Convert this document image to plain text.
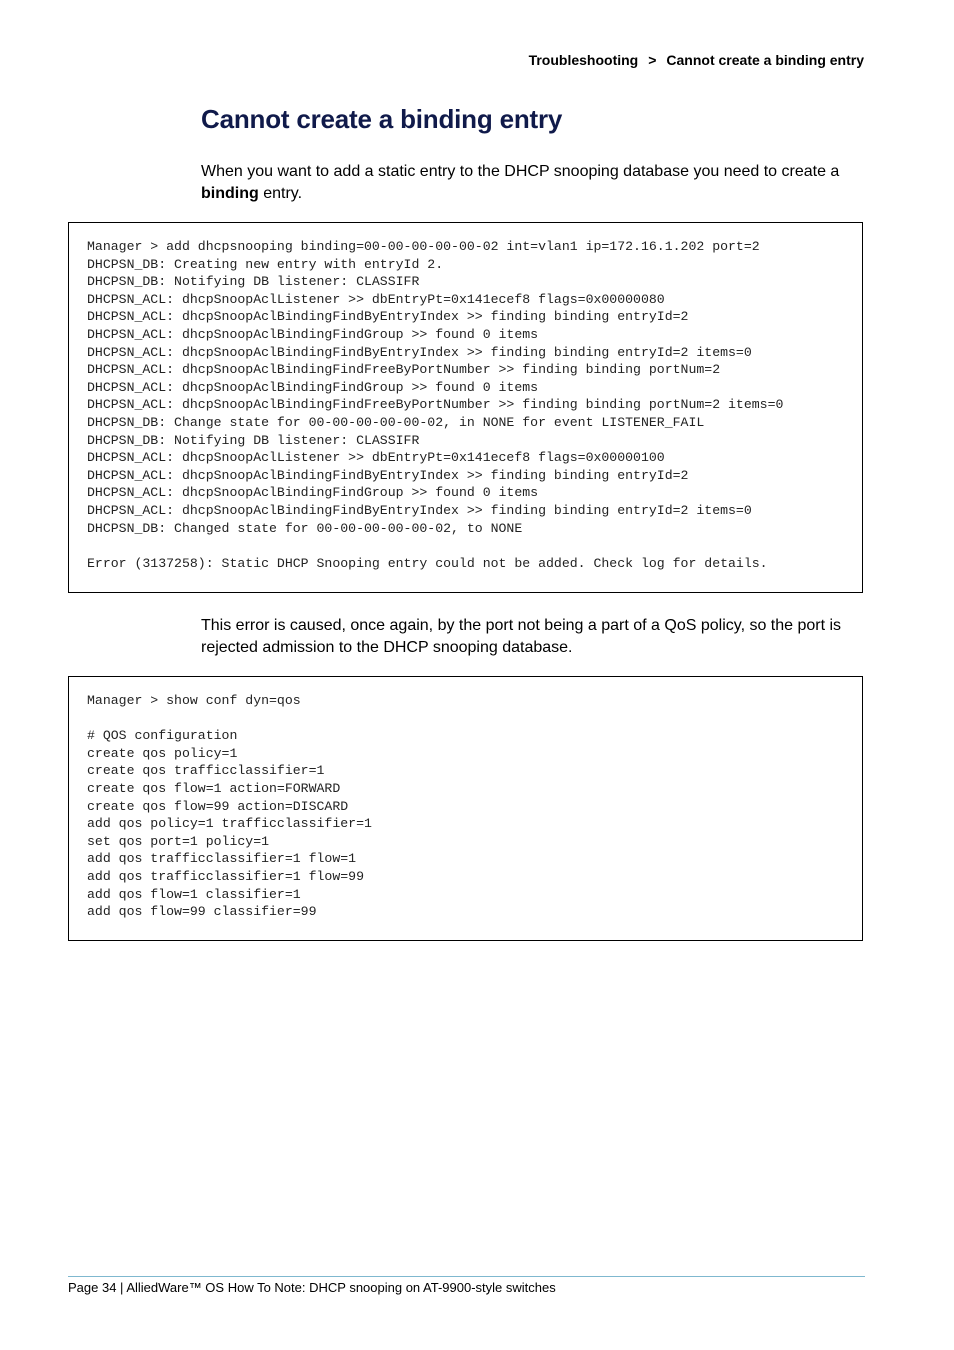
Troubleshooting > Cannot create a binding entry
Cannot create a binding entry

When you want to add a static entry to the DHCP snooping database you need to create a binding entry.

Manager > add dhcpsnooping binding=00-00-00-00-00-02 int=vlan1 ip=172.16.1.202 port=2
DHCPSN_DB: Creating new entry with entryId 2.
DHCPSN_DB: Notifying DB listener: CLASSIFR
DHCPSN_ACL: dhcpSnoopAclListener >> dbEntryPt=0x141ecef8 flags=0x00000080
DHCPSN_ACL: dhcpSnoopAclBindingFindByEntryIndex >> finding binding entryId=2
DHCPSN_ACL: dhcpSnoopAclBindingFindGroup >> found 0 items
DHCPSN_ACL: dhcpSnoopAclBindingFindByEntryIndex >> finding binding entryId=2 items=0
DHCPSN_ACL: dhcpSnoopAclBindingFindFreeByPortNumber >> finding binding portNum=2
DHCPSN_ACL: dhcpSnoopAclBindingFindGroup >> found 0 items
DHCPSN_ACL: dhcpSnoopAclBindingFindFreeByPortNumber >> finding binding portNum=2 items=0
DHCPSN_DB: Change state for 00-00-00-00-00-02, in NONE for event LISTENER_FAIL
DHCPSN_DB: Notifying DB listener: CLASSIFR
DHCPSN_ACL: dhcpSnoopAclListener >> dbEntryPt=0x141ecef8 flags=0x00000100
DHCPSN_ACL: dhcpSnoopAclBindingFindByEntryIndex >> finding binding entryId=2
DHCPSN_ACL: dhcpSnoopAclBindingFindGroup >> found 0 items
DHCPSN_ACL: dhcpSnoopAclBindingFindByEntryIndex >> finding binding entryId=2 items=0
DHCPSN_DB: Changed state for 00-00-00-00-00-02, to NONE

Error (3137258): Static DHCP Snooping entry could not be added. Check log for details.

This error is caused, once again, by the port not being a part of a QoS policy, so the port is rejected admission to the DHCP snooping database.

Manager > show conf dyn=qos

# QOS configuration
create qos policy=1
create qos trafficclassifier=1
create qos flow=1 action=FORWARD
create qos flow=99 action=DISCARD
add qos policy=1 trafficclassifier=1
set qos port=1 policy=1
add qos trafficclassifier=1 flow=1
add qos trafficclassifier=1 flow=99
add qos flow=1 classifier=1
add qos flow=99 classifier=99
Page 34 | AlliedWare™ OS How To Note: DHCP snooping on AT-9900-style switches
